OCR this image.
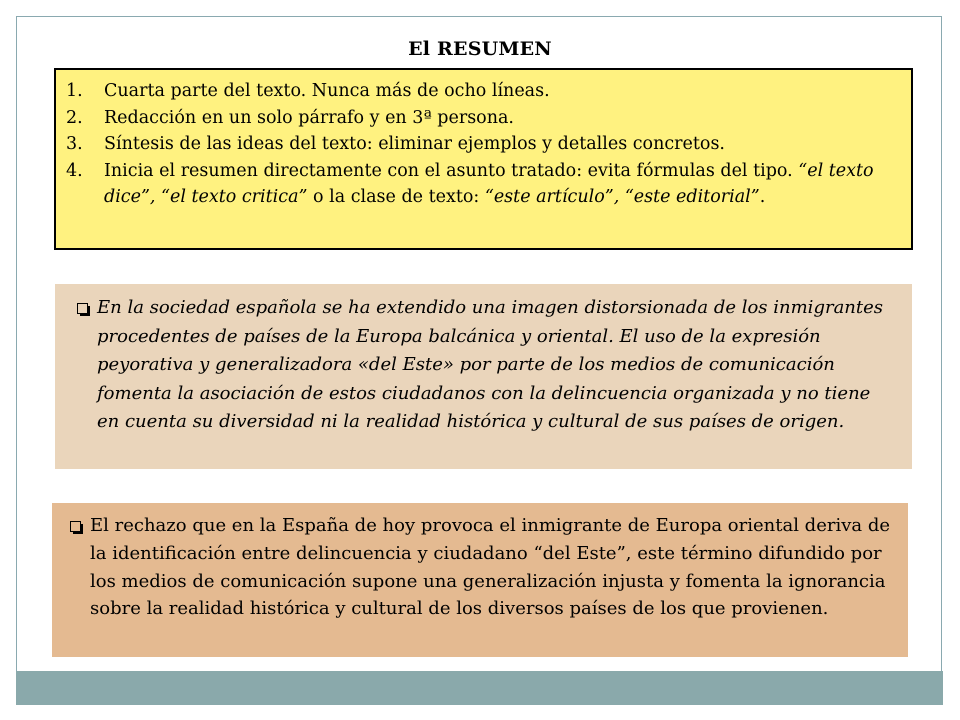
El RESUMEN
1.	Cuarta parte del texto. Nunca más de ocho líneas.
2.	Redacción en un solo párrafo y en 3ª persona.
3.	Síntesis de las ideas del texto: eliminar ejemplos y detalles concretos.
4.	Inicia el resumen directamente con el asunto tratado: evita fórmulas del tipo. “el texto dice”, “el texto critica” o la clase de texto: “este artículo”, “este editorial”.
En la sociedad española se ha extendido una imagen distorsionada de los inmigrantes procedentes de países de la Europa balcánica y oriental. El uso de la expresión peyorativa y generalizadora «del Este» por parte de los medios de comunicación fomenta la asociación de estos ciudadanos con la delincuencia organizada y no tiene en cuenta su diversidad ni la realidad histórica y cultural de sus países de origen.
El rechazo que en la España de hoy provoca el inmigrante de Europa oriental deriva de la identificación entre delincuencia y ciudadano “del Este”, este término difundido por los medios de comunicación supone una generalización injusta y fomenta la ignorancia sobre la realidad histórica y cultural de los diversos países de los que provienen.
